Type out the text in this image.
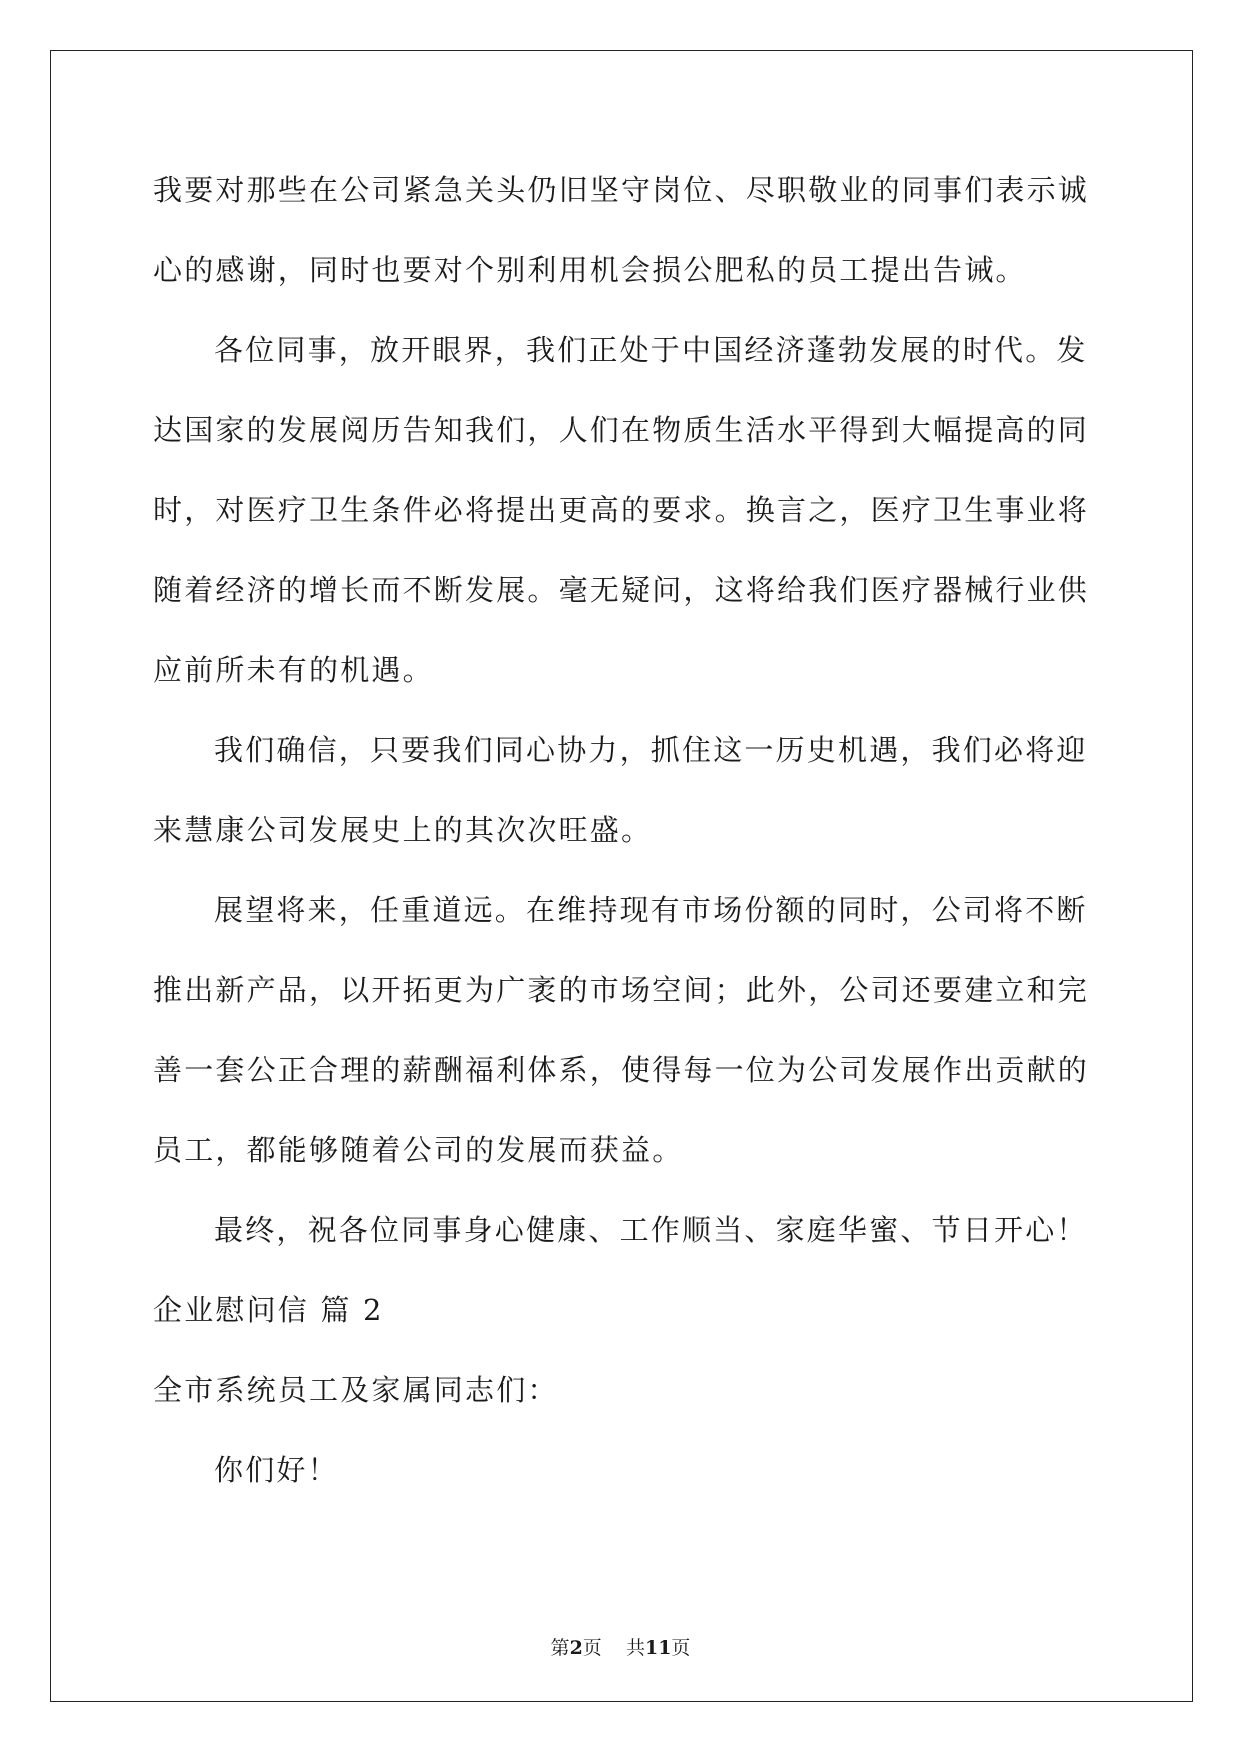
我要对那些在公司紧急关头仍旧坚守岗位、尽职敬业的同事们表示诚
心的感谢，同时也要对个别利用机会损公肥私的员工提出告诫。
各位同事，放开眼界，我们正处于中国经济蓬勃发展的时代。发
达国家的发展阅历告知我们，人们在物质生活水平得到大幅提高的同
时，对医疗卫生条件必将提出更高的要求。换言之，医疗卫生事业将
随着经济的增长而不断发展。毫无疑问，这将给我们医疗器械行业供
应前所未有的机遇。
我们确信，只要我们同心协力，抓住这一历史机遇，我们必将迎
来慧康公司发展史上的其次次旺盛。
展望将来，任重道远。在维持现有市场份额的同时，公司将不断
推出新产品，以开拓更为广袤的市场空间；此外，公司还要建立和完
善一套公正合理的薪酬福利体系，使得每一位为公司发展作出贡献的
员工，都能够随着公司的发展而获益。
最终，祝各位同事身心健康、工作顺当、家庭华蜜、节日开心！
企业慰问信 篇 2
全市系统员工及家属同志们：
你们好！
第2页    共11页
